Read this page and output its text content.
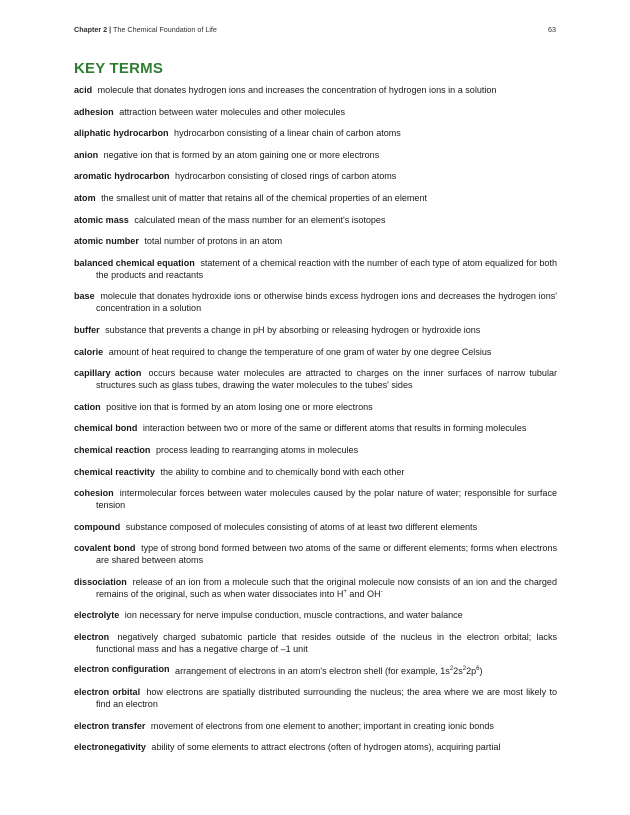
Chapter 2 | The Chemical Foundation of Life	63
KEY TERMS

acid molecule that donates hydrogen ions and increases the concentration of hydrogen ions in a solution

adhesion attraction between water molecules and other molecules

aliphatic hydrocarbon hydrocarbon consisting of a linear chain of carbon atoms

anion negative ion that is formed by an atom gaining one or more electrons

aromatic hydrocarbon hydrocarbon consisting of closed rings of carbon atoms

atom the smallest unit of matter that retains all of the chemical properties of an element

atomic mass calculated mean of the mass number for an element's isotopes

atomic number total number of protons in an atom

balanced chemical equation statement of a chemical reaction with the number of each type of atom equalized for both the products and reactants

base molecule that donates hydroxide ions or otherwise binds excess hydrogen ions and decreases the hydrogen ions' concentration in a solution

buffer substance that prevents a change in pH by absorbing or releasing hydrogen or hydroxide ions

calorie amount of heat required to change the temperature of one gram of water by one degree Celsius

capillary action occurs because water molecules are attracted to charges on the inner surfaces of narrow tubular structures such as glass tubes, drawing the water molecules to the tubes' sides

cation positive ion that is formed by an atom losing one or more electrons

chemical bond interaction between two or more of the same or different atoms that results in forming molecules

chemical reaction process leading to rearranging atoms in molecules

chemical reactivity the ability to combine and to chemically bond with each other

cohesion intermolecular forces between water molecules caused by the polar nature of water; responsible for surface tension

compound substance composed of molecules consisting of atoms of at least two different elements

covalent bond type of strong bond formed between two atoms of the same or different elements; forms when electrons are shared between atoms

dissociation release of an ion from a molecule such that the original molecule now consists of an ion and the charged remains of the original, such as when water dissociates into H+ and OH-

electrolyte ion necessary for nerve impulse conduction, muscle contractions, and water balance

electron negatively charged subatomic particle that resides outside of the nucleus in the electron orbital; lacks functional mass and has a negative charge of –1 unit

electron configuration arrangement of electrons in an atom's electron shell (for example, $1s^22s^22p^6$)

electron orbital how electrons are spatially distributed surrounding the nucleus; the area where we are most likely to find an electron

electron transfer movement of electrons from one element to another; important in creating ionic bonds

electronegativity ability of some elements to attract electrons (often of hydrogen atoms), acquiring partial
